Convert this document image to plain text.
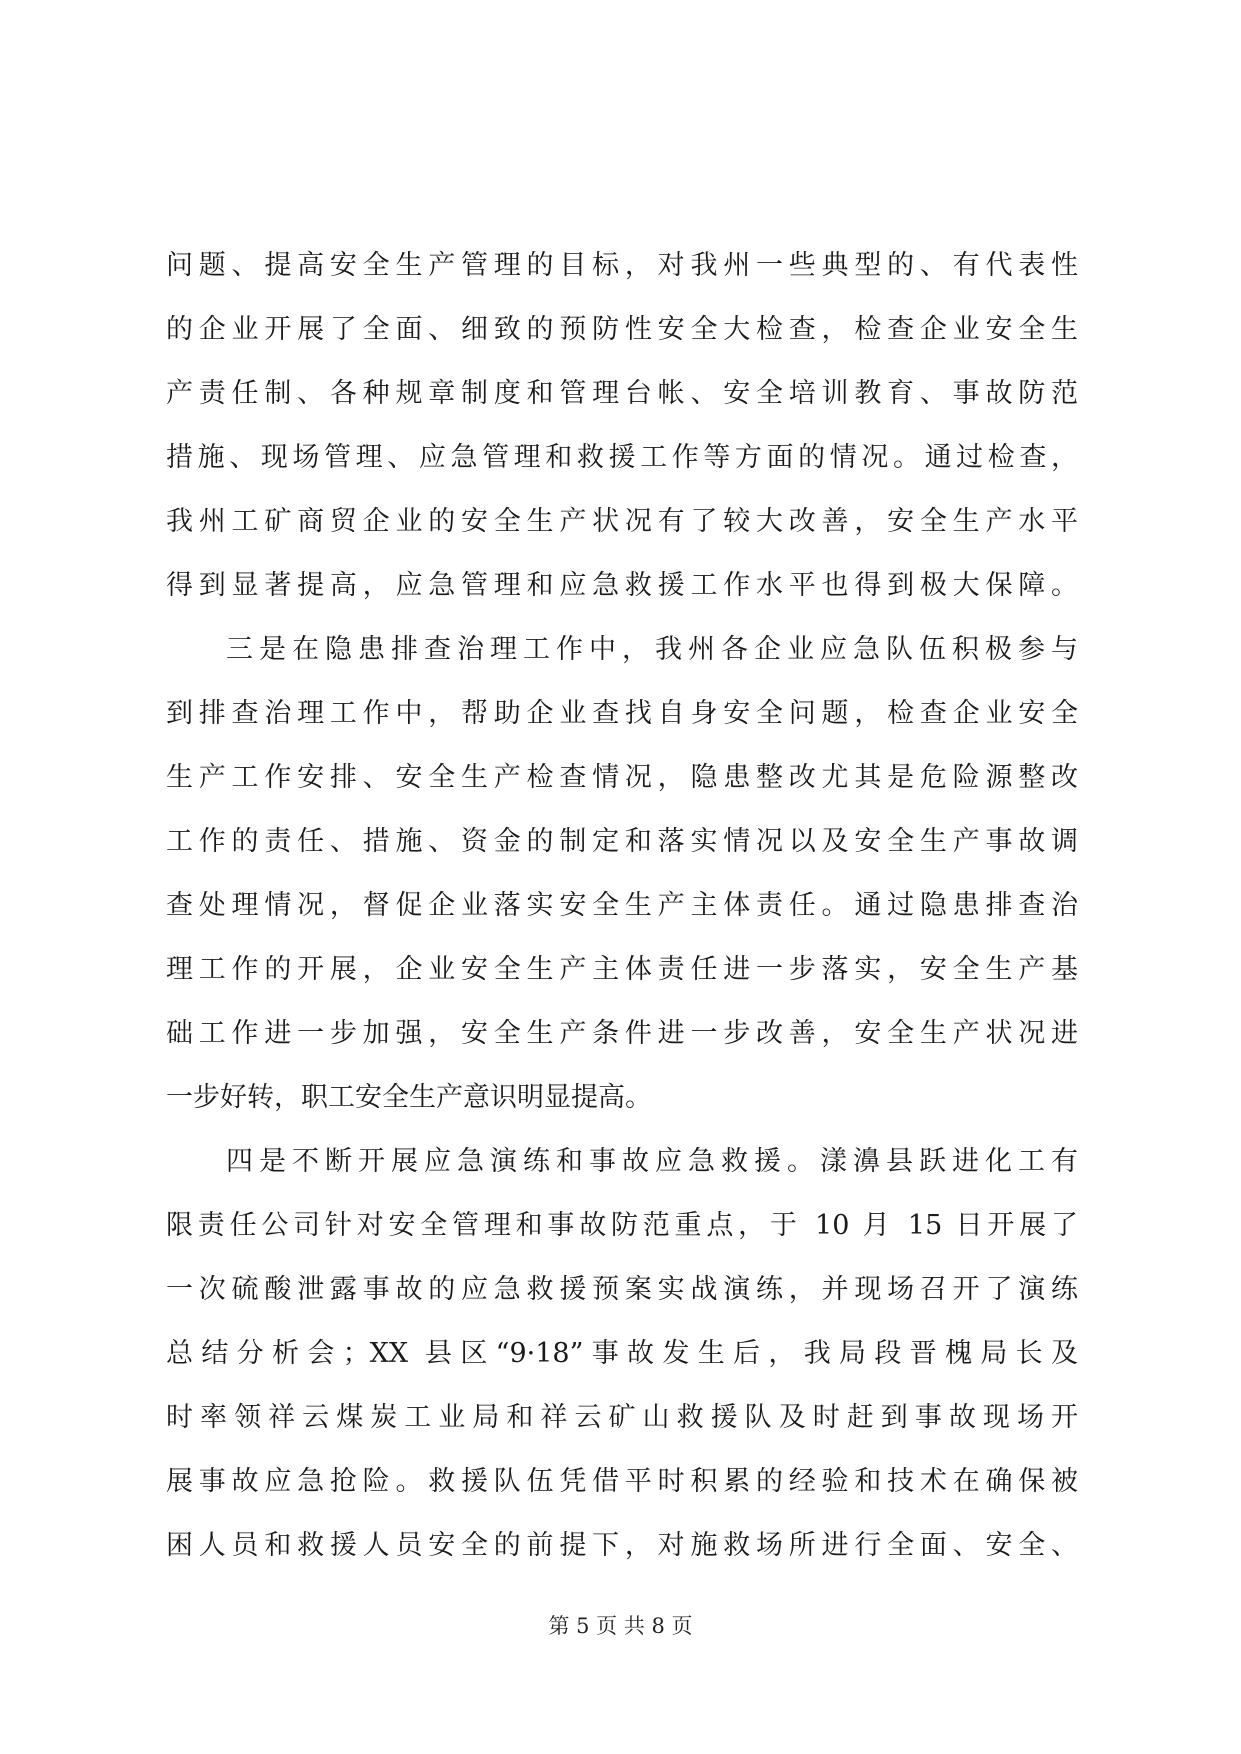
问题、提高安全生产管理的目标，对我州一些典型的、有代表性
的企业开展了全面、细致的预防性安全大检查，检查企业安全生
产责任制、各种规章制度和管理台帐、安全培训教育、事故防范
措施、现场管理、应急管理和救援工作等方面的情况。通过检查，
我州工矿商贸企业的安全生产状况有了较大改善，安全生产水平
得到显著提高，应急管理和应急救援工作水平也得到极大保障。
三是在隐患排查治理工作中，我州各企业应急队伍积极参与
到排查治理工作中，帮助企业查找自身安全问题，检查企业安全
生产工作安排、安全生产检查情况，隐患整改尤其是危险源整改
工作的责任、措施、资金的制定和落实情况以及安全生产事故调
查处理情况，督促企业落实安全生产主体责任。通过隐患排查治
理工作的开展，企业安全生产主体责任进一步落实，安全生产基
础工作进一步加强，安全生产条件进一步改善，安全生产状况进
一步好转，职工安全生产意识明显提高。
四是不断开展应急演练和事故应急救援。漾濞县跃进化工有
限责任公司针对安全管理和事故防范重点，于 10 月 15 日开展了
一次硫酸泄露事故的应急救援预案实战演练，并现场召开了演练
总结分析会；XX 县区“9·18”事故发生后，我局段晋槐局长及
时率领祥云煤炭工业局和祥云矿山救援队及时赶到事故现场开
展事故应急抢险。救援队伍凭借平时积累的经验和技术在确保被
困人员和救援人员安全的前提下，对施救场所进行全面、安全、
第 5 页 共 8 页
